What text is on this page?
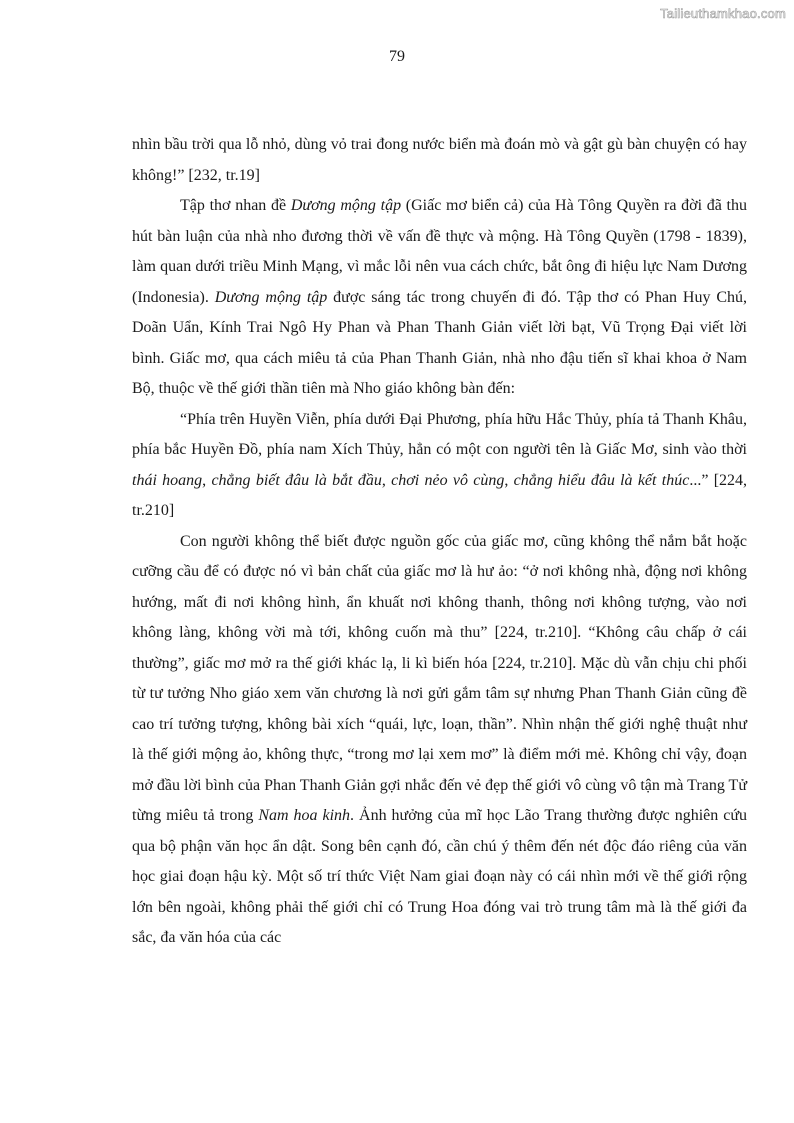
Tailieuthamkhao.com
79

nhìn bầu trời qua lỗ nhỏ, dùng vỏ trai đong nước biển mà đoán mò và gật gù bàn chuyện có hay không!” [232, tr.19]

Tập thơ nhan đề Dương mộng tập (Giấc mơ biển cả) của Hà Tông Quyền ra đời đã thu hút bàn luận của nhà nho đương thời về vấn đề thực và mộng. Hà Tông Quyền (1798 - 1839), làm quan dưới triều Minh Mạng, vì mắc lỗi nên vua cách chức, bắt ông đi hiệu lực Nam Dương (Indonesia). Dương mộng tập được sáng tác trong chuyến đi đó. Tập thơ có Phan Huy Chú, Doãn Uẩn, Kính Trai Ngô Hy Phan và Phan Thanh Giản viết lời bạt, Vũ Trọng Đại viết lời bình. Giấc mơ, qua cách miêu tả của Phan Thanh Giản, nhà nho đậu tiến sĩ khai khoa ở Nam Bộ, thuộc về thế giới thần tiên mà Nho giáo không bàn đến:

“Phía trên Huyền Viễn, phía dưới Đại Phương, phía hữu Hắc Thủy, phía tả Thanh Khâu, phía bắc Huyền Đồ, phía nam Xích Thủy, hẳn có một con người tên là Giấc Mơ, sinh vào thời thái hoang, chẳng biết đâu là bắt đầu, chơi nẻo vô cùng, chẳng hiểu đâu là kết thúc...” [224, tr.210]

Con người không thể biết được nguồn gốc của giấc mơ, cũng không thể nắm bắt hoặc cưỡng cầu để có được nó vì bản chất của giấc mơ là hư ảo: “ở nơi không nhà, động nơi không hướng, mất đi nơi không hình, ẩn khuất nơi không thanh, thông nơi không tượng, vào nơi không làng, không vời mà tới, không cuốn mà thu” [224, tr.210]. “Không câu chấp ở cái thường”, giấc mơ mở ra thế giới khác lạ, li kì biến hóa [224, tr.210]. Mặc dù vẫn chịu chi phối từ tư tưởng Nho giáo xem văn chương là nơi gửi gắm tâm sự nhưng Phan Thanh Giản cũng đề cao trí tưởng tượng, không bài xích “quái, lực, loạn, thần”. Nhìn nhận thế giới nghệ thuật như là thế giới mộng ảo, không thực, “trong mơ lại xem mơ” là điểm mới mẻ. Không chỉ vậy, đoạn mở đầu lời bình của Phan Thanh Giản gợi nhắc đến vẻ đẹp thế giới vô cùng vô tận mà Trang Tử từng miêu tả trong Nam hoa kinh. Ảnh hưởng của mĩ học Lão Trang thường được nghiên cứu qua bộ phận văn học ẩn dật. Song bên cạnh đó, cần chú ý thêm đến nét độc đáo riêng của văn học giai đoạn hậu kỳ. Một số trí thức Việt Nam giai đoạn này có cái nhìn mới về thế giới rộng lớn bên ngoài, không phải thế giới chỉ có Trung Hoa đóng vai trò trung tâm mà là thế giới đa sắc, đa văn hóa của các
